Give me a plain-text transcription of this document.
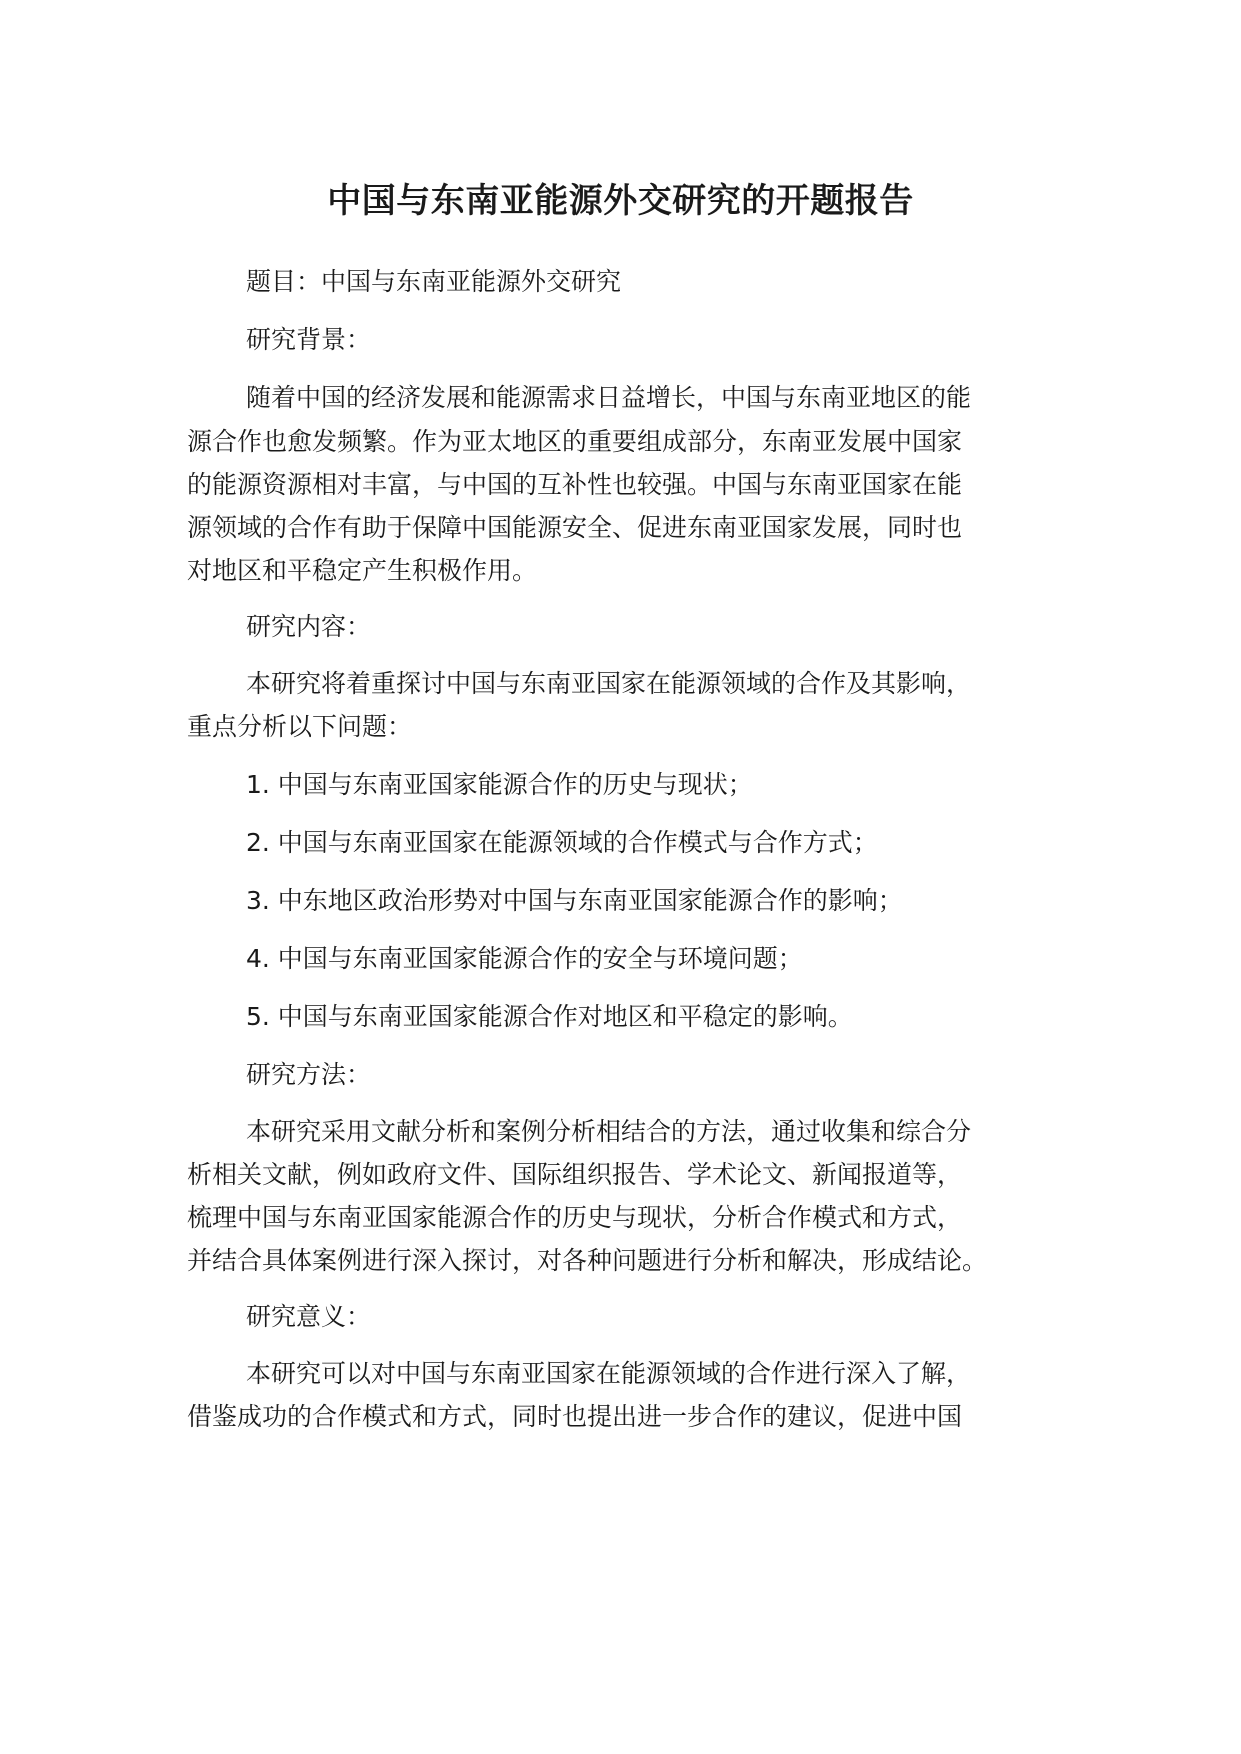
中国与东南亚能源外交研究的开题报告

题目：中国与东南亚能源外交研究

研究背景：

随着中国的经济发展和能源需求日益增长，中国与东南亚地区的能

源合作也愈发频繁。作为亚太地区的重要组成部分，东南亚发展中国家

的能源资源相对丰富，与中国的互补性也较强。中国与东南亚国家在能

源领域的合作有助于保障中国能源安全、促进东南亚国家发展，同时也

对地区和平稳定产生积极作用。

研究内容：

本研究将着重探讨中国与东南亚国家在能源领域的合作及其影响，

重点分析以下问题：

1. 中国与东南亚国家能源合作的历史与现状；

2. 中国与东南亚国家在能源领域的合作模式与合作方式；

3. 中东地区政治形势对中国与东南亚国家能源合作的影响；

4. 中国与东南亚国家能源合作的安全与环境问题；

5. 中国与东南亚国家能源合作对地区和平稳定的影响。

研究方法：

本研究采用文献分析和案例分析相结合的方法，通过收集和综合分

析相关文献，例如政府文件、国际组织报告、学术论文、新闻报道等，

梳理中国与东南亚国家能源合作的历史与现状，分析合作模式和方式，

并结合具体案例进行深入探讨，对各种问题进行分析和解决，形成结论。

研究意义：

本研究可以对中国与东南亚国家在能源领域的合作进行深入了解，

借鉴成功的合作模式和方式，同时也提出进一步合作的建议，促进中国
